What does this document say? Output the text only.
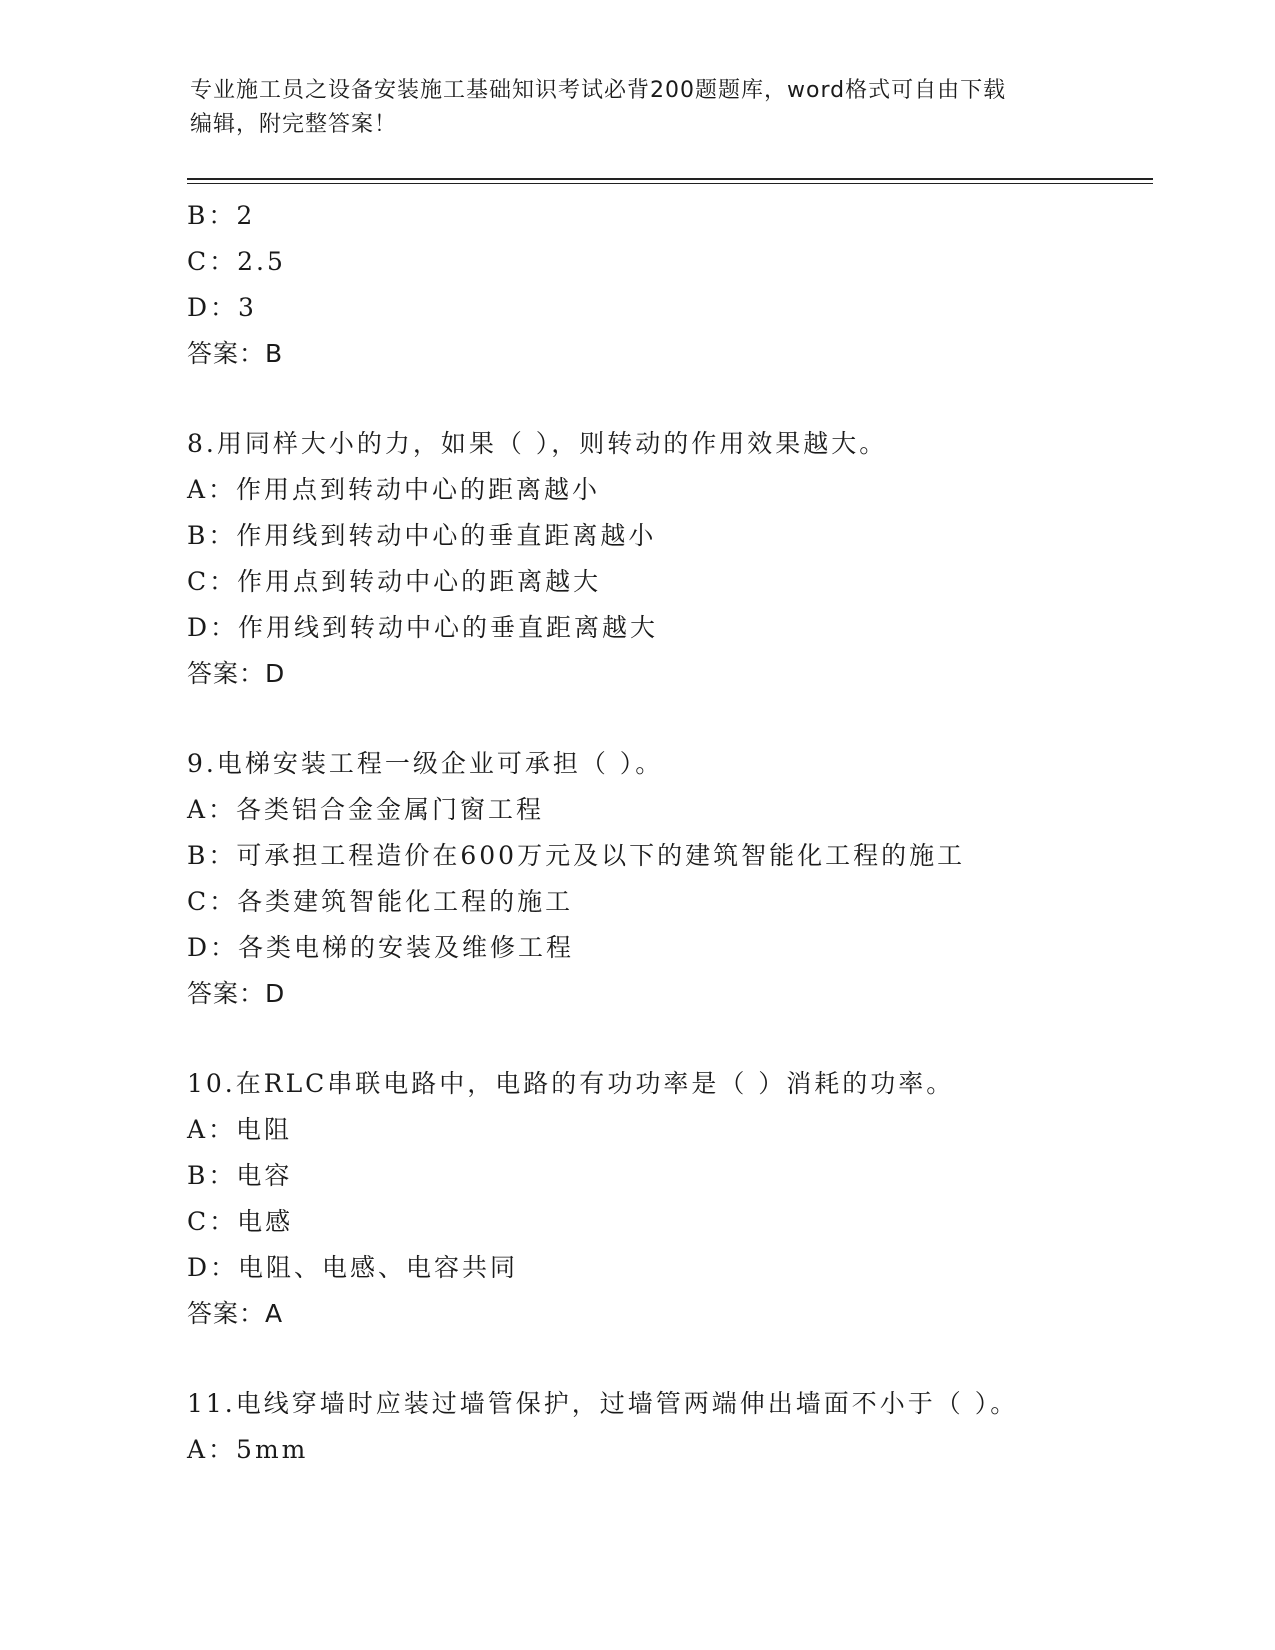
专业施工员之设备安装施工基础知识考试必背200题题库，word格式可自由下载
编辑，附完整答案！
B：2
C：2.5
D：3
答案：B
8.用同样大小的力，如果（ ），则转动的作用效果越大。
A：作用点到转动中心的距离越小
B：作用线到转动中心的垂直距离越小
C：作用点到转动中心的距离越大
D：作用线到转动中心的垂直距离越大
答案：D
9.电梯安装工程一级企业可承担（ ）。
A：各类铝合金金属门窗工程
B：可承担工程造价在600万元及以下的建筑智能化工程的施工
C：各类建筑智能化工程的施工
D：各类电梯的安装及维修工程
答案：D
10.在RLC串联电路中，电路的有功功率是（ ）消耗的功率。
A：电阻
B：电容
C：电感
D：电阻、电感、电容共同
答案：A
11.电线穿墙时应装过墙管保护，过墙管两端伸出墙面不小于（ ）。
A：5mm
